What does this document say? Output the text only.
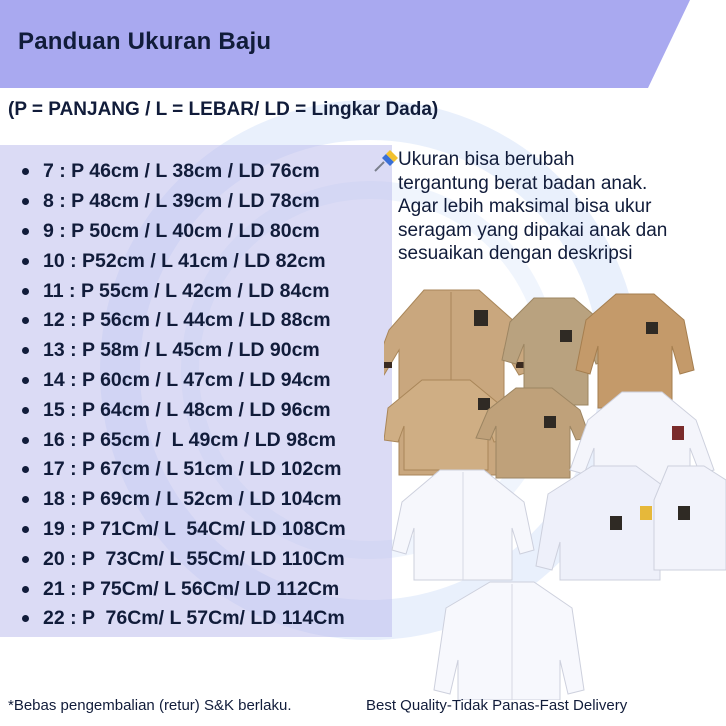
Panduan Ukuran Baju
(P = PANJANG / L = LEBAR/ LD = Lingkar Dada)
7 : P 46cm / L 38cm / LD 76cm
8 : P 48cm / L 39cm / LD 78cm
9 : P 50cm / L 40cm / LD 80cm
10 : P52cm / L 41cm / LD 82cm
11 : P 55cm / L 42cm / LD 84cm
12 : P 56cm / L 44cm / LD 88cm
13 : P 58m / L 45cm / LD 90cm
14 : P 60cm / L 47cm / LD 94cm
15 : P 64cm / L 48cm / LD 96cm
16 : P 65cm /  L 49cm / LD 98cm
17 : P 67cm / L 51cm / LD 102cm
18 : P 69cm / L 52cm / LD 104cm
19 : P 71Cm/ L  54Cm/ LD 108Cm
20 : P  73Cm/ L 55Cm/ LD 110Cm
21 : P 75Cm/ L 56Cm/ LD 112Cm
22 : P  76Cm/ L 57Cm/ LD 114Cm
Ukuran bisa berubah
tergantung berat badan anak.
Agar lebih maksimal bisa ukur
seragam yang dipakai anak dan
sesuaikan dengan deskripsi
*Bebas pengembalian (retur) S&K berlaku.	Best Quality-Tidak Panas-Fast Delivery
